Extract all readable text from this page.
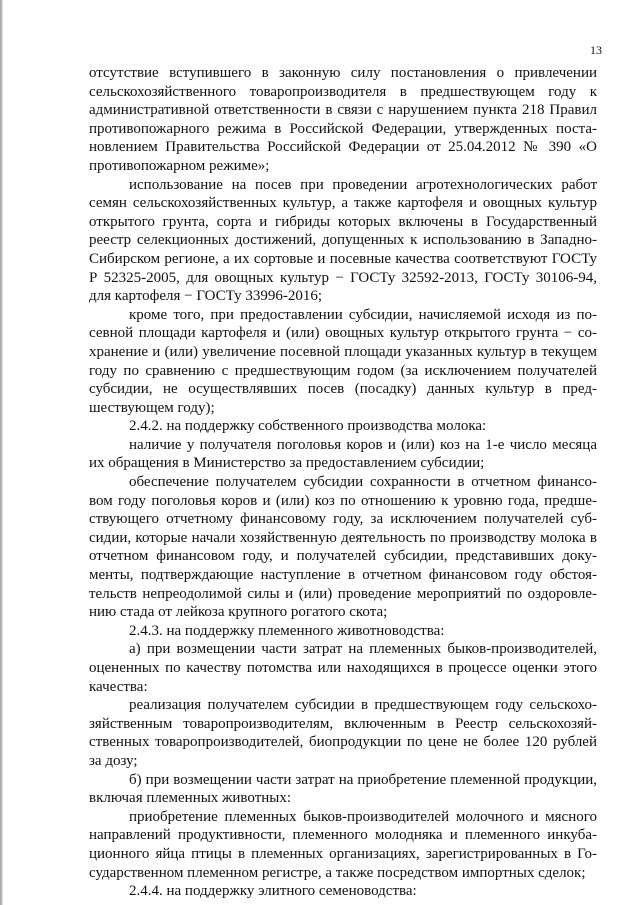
13

отсутствие вступившего в законную силу постановления о привлечении сельскохозяйственного товаропроизводителя в предшествующем году к административной ответственности в связи с нарушением пункта 218 Правил противопожарного режима в Российской Федерации, утвержденных постановлением Правительства Российской Федерации от 25.04.2012 № 390 «О противопожарном режиме»;

использование на посев при проведении агротехнологических работ семян сельскохозяйственных культур, а также картофеля и овощных культур открытого грунта, сорта и гибриды которых включены в Государственный реестр селекционных достижений, допущенных к использованию в Западно-Сибирском регионе, а их сортовые и посевные качества соответствуют ГОСТу Р 52325-2005, для овощных культур − ГОСТу 32592-2013, ГОСТу 30106-94, для картофеля − ГОСТу 33996-2016;

кроме того, при предоставлении субсидии, начисляемой исходя из посевной площади картофеля и (или) овощных культур открытого грунта − сохранение и (или) увеличение посевной площади указанных культур в текущем году по сравнению с предшествующим годом (за исключением получателей субсидии, не осуществлявших посев (посадку) данных культур в предшествующем году);

2.4.2. на поддержку собственного производства молока:

наличие у получателя поголовья коров и (или) коз на 1-е число месяца их обращения в Министерство за предоставлением субсидии;

обеспечение получателем субсидии сохранности в отчетном финансовом году поголовья коров и (или) коз по отношению к уровню года, предшествующего отчетному финансовому году, за исключением получателей субсидии, которые начали хозяйственную деятельность по производству молока в отчетном финансовом году, и получателей субсидии, представивших документы, подтверждающие наступление в отчетном финансовом году обстоятельств непреодолимой силы и (или) проведение мероприятий по оздоровлению стада от лейкоза крупного рогатого скота;

2.4.3. на поддержку племенного животноводства:

а) при возмещении части затрат на племенных быков-производителей, оцененных по качеству потомства или находящихся в процессе оценки этого качества:

реализация получателем субсидии в предшествующем году сельскохозяйственным товаропроизводителям, включенным в Реестр сельскохозяйственных товаропроизводителей, биопродукции по цене не более 120 рублей за дозу;

б) при возмещении части затрат на приобретение племенной продукции, включая племенных животных:

приобретение племенных быков-производителей молочного и мясного направлений продуктивности, племенного молодняка и племенного инкубационного яйца птицы в племенных организациях, зарегистрированных в Государственном племенном регистре, а также посредством импортных сделок;

2.4.4. на поддержку элитного семеноводства:
